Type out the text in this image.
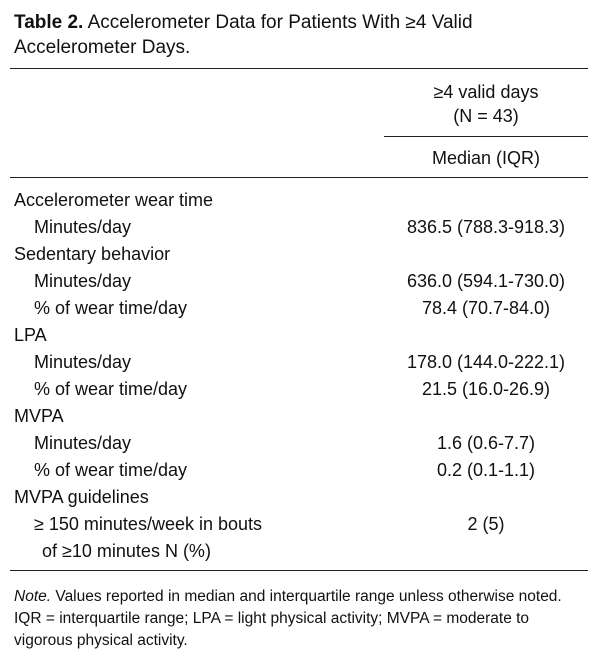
Table 2. Accelerometer Data for Patients With ≥4 Valid Accelerometer Days.
≥4 valid days
(N = 43)
Median (IQR)
Accelerometer wear time
Minutes/day	836.5 (788.3-918.3)
Sedentary behavior
Minutes/day	636.0 (594.1-730.0)
% of wear time/day	78.4 (70.7-84.0)
LPA
Minutes/day	178.0 (144.0-222.1)
% of wear time/day	21.5 (16.0-26.9)
MVPA
Minutes/day	1.6 (0.6-7.7)
% of wear time/day	0.2 (0.1-1.1)
MVPA guidelines
≥ 150 minutes/week in bouts	2 (5)
of ≥10 minutes N (%)
Note. Values reported in median and interquartile range unless otherwise noted. IQR = interquartile range; LPA = light physical activity; MVPA = moderate to vigorous physical activity.
